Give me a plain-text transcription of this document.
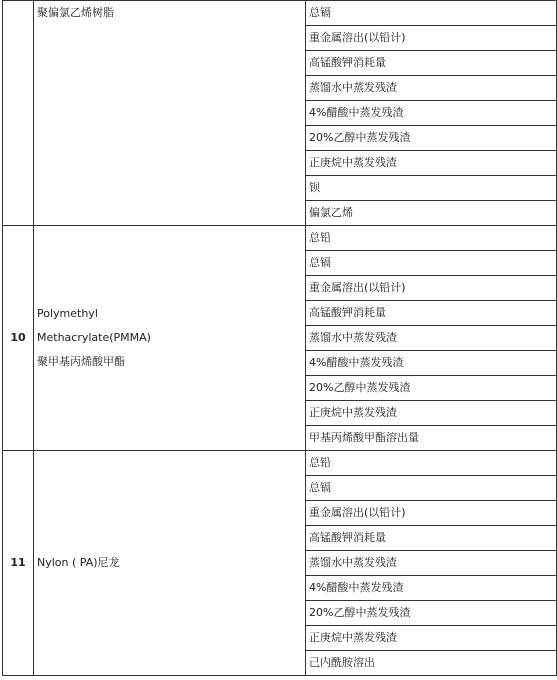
	聚偏氯乙烯树脂	总镉
		重金属溶出(以铅计)
		高锰酸钾消耗量
		蒸馏水中蒸发残渣
		4%醋酸中蒸发残渣
		20%乙醇中蒸发残渣
		正庚烷中蒸发残渣
		钡
		偏氯乙烯
10	Polymethyl
Methacrylate(PMMA)
聚甲基丙烯酸甲酯	总铅
		总镉
		重金属溶出(以铅计)
		高锰酸钾消耗量
		蒸馏水中蒸发残渣
		4%醋酸中蒸发残渣
		20%乙醇中蒸发残渣
		正庚烷中蒸发残渣
		甲基丙烯酸甲酯溶出量
11	Nylon ( PA)尼龙	总铅
		总镉
		重金属溶出(以铅计)
		高锰酸钾消耗量
		蒸馏水中蒸发残渣
		4%醋酸中蒸发残渣
		20%乙醇中蒸发残渣
		正庚烷中蒸发残渣
		己内酰胺溶出
